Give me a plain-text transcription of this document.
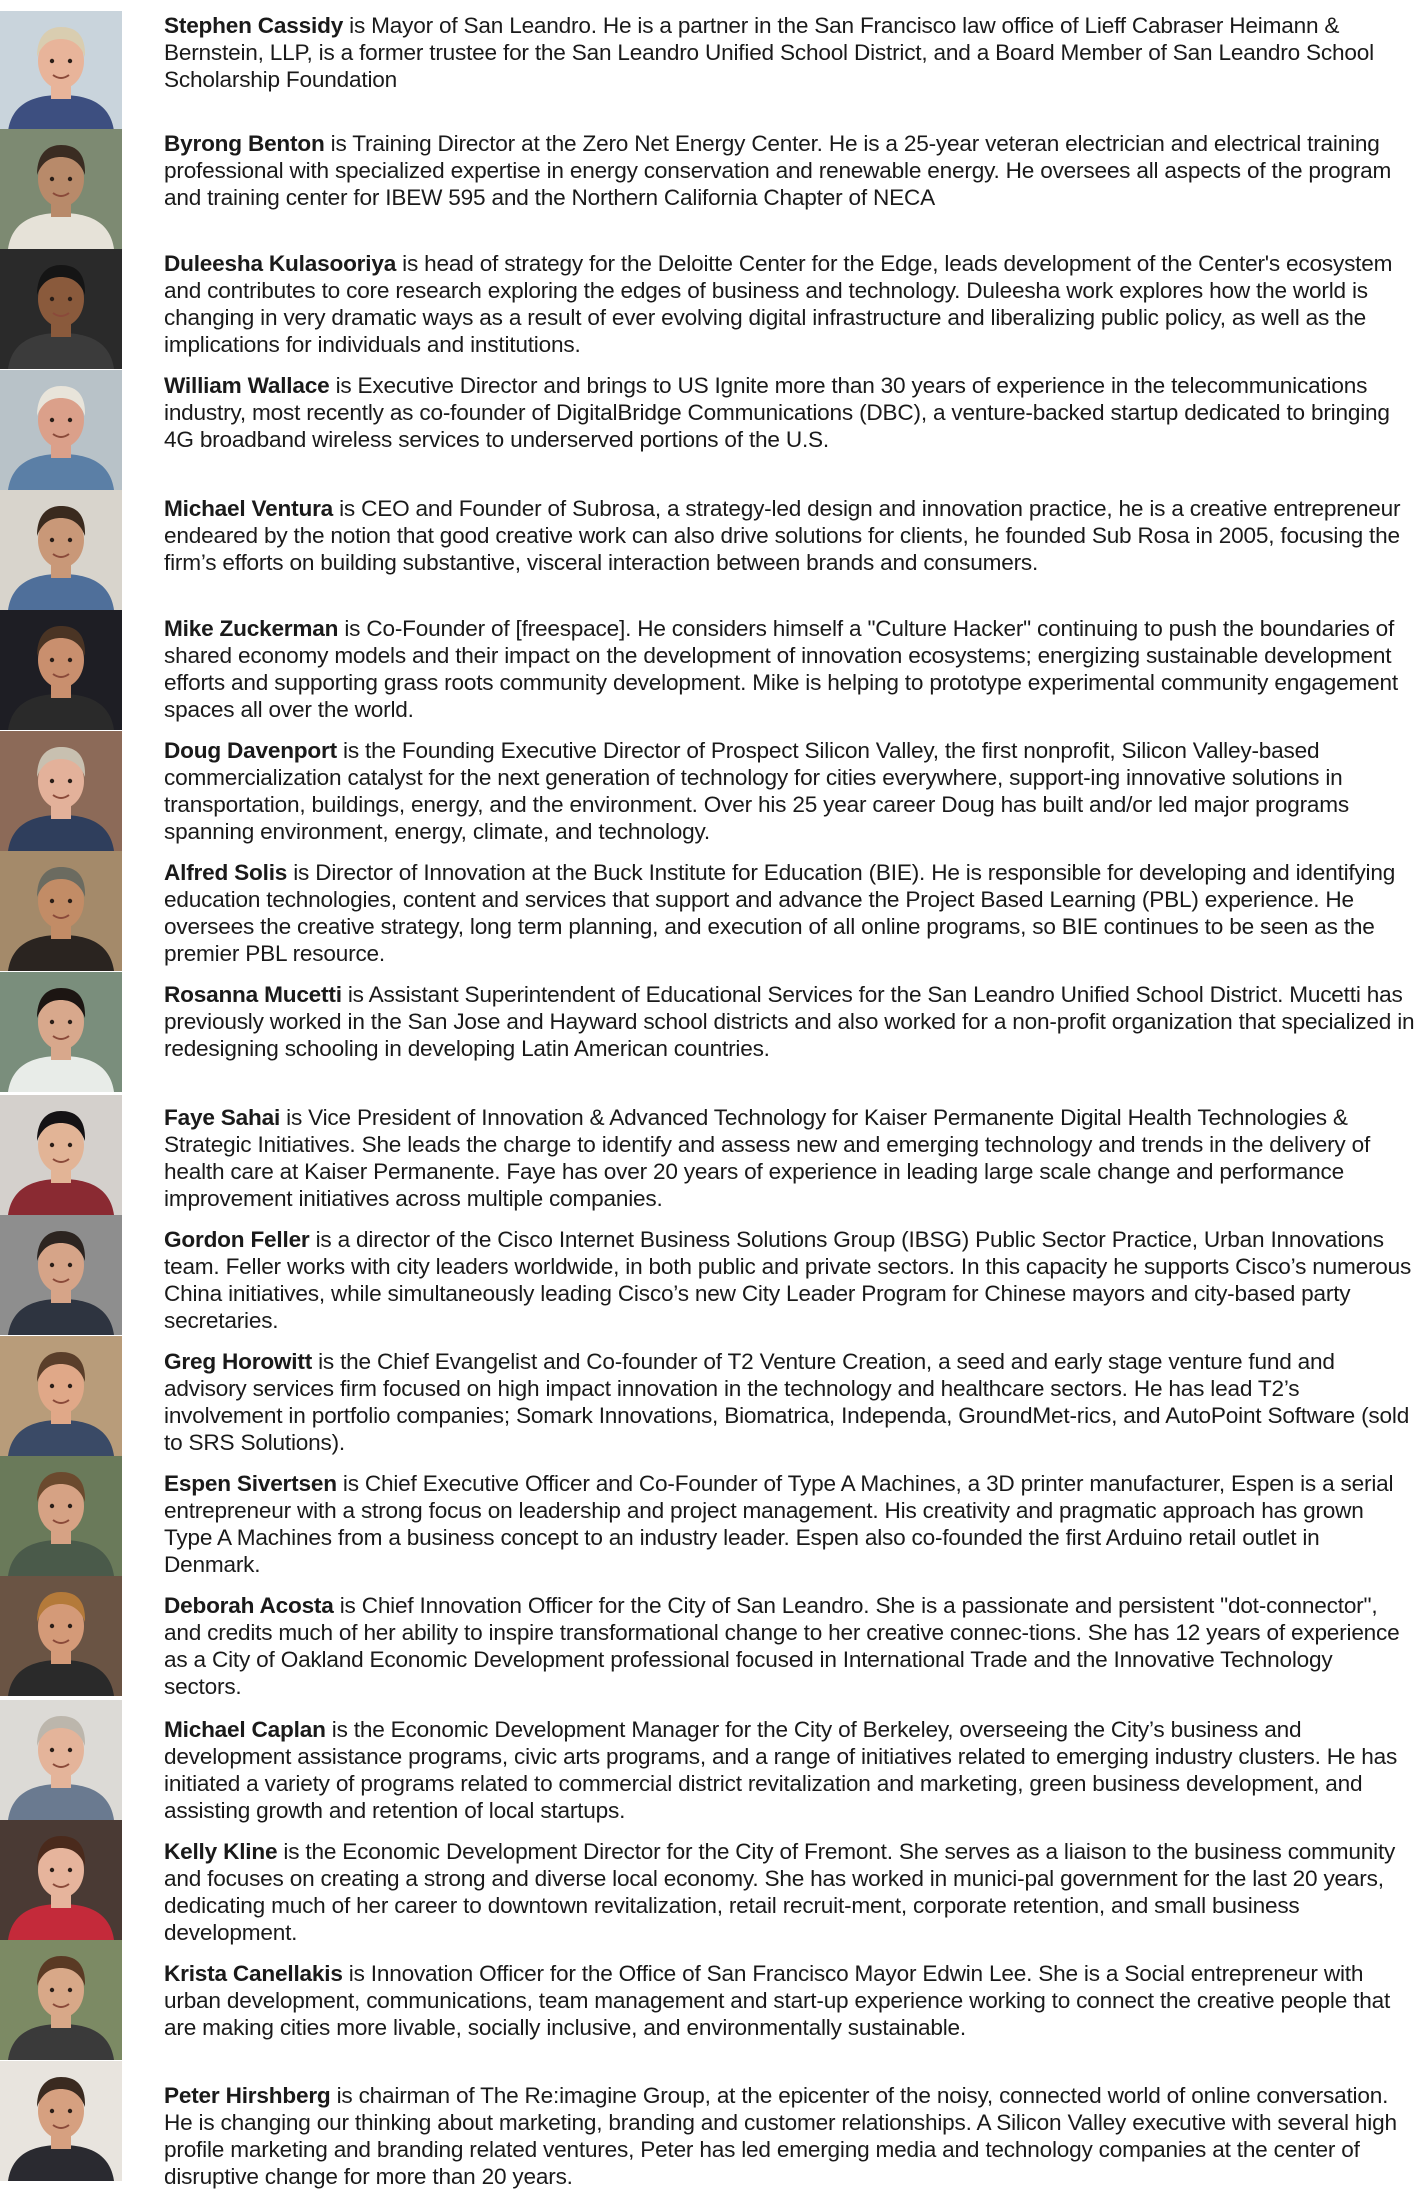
Stephen Cassidy is Mayor of San Leandro. He is a partner in the San Francisco law office of Lieff Cabraser Heimann & Bernstein, LLP, is a former trustee for the San Leandro Unified School District, and a Board Member of San Leandro School Scholarship Foundation
Byrong Benton is Training Director at the Zero Net Energy Center. He is a 25-year veteran electrician and electrical training professional with specialized expertise in energy conservation and renewable energy. He oversees all aspects of the program and training center for IBEW 595 and the Northern California Chapter of NECA
Duleesha Kulasooriya is head of strategy for the Deloitte Center for the Edge, leads development of the Center's ecosystem and contributes to core research exploring the edges of business and technology. Duleesha work explores how the world is changing in very dramatic ways as a result of ever evolving digital infrastructure and liberalizing public policy, as well as the implications for individuals and institutions.
William Wallace is Executive Director and brings to US Ignite more than 30 years of experience in the telecommunications industry, most recently as co-founder of DigitalBridge Communications (DBC), a venture-backed startup dedicated to bringing 4G broadband wireless services to underserved portions of the U.S.
Michael Ventura is CEO and Founder of Subrosa, a strategy-led design and innovation practice, he is a creative entrepreneur endeared by the notion that good creative work can also drive solutions for clients, he founded Sub Rosa in 2005, focusing the firm’s efforts on building substantive, visceral interaction between brands and consumers.
Mike Zuckerman is Co-Founder of [freespace]. He considers himself a "Culture Hacker" continuing to push the boundaries of shared economy models and their impact on the development of innovation ecosystems; energizing sustainable development efforts and supporting grass roots community development. Mike is helping to prototype experimental community engagement spaces all over the world.
Doug Davenport is the Founding Executive Director of Prospect Silicon Valley, the first nonprofit, Silicon Valley-based commercialization catalyst for the next generation of technology for cities everywhere, support-ing innovative solutions in transportation, buildings, energy, and the environment. Over his 25 year career Doug has built and/or led major programs spanning environment, energy, climate, and technology.
Alfred Solis is Director of Innovation at the Buck Institute for Education (BIE). He is responsible for developing and identifying education technologies, content and services that support and advance the Project Based Learning (PBL) experience. He oversees the creative strategy, long term planning, and execution of all online programs, so BIE continues to be seen as the premier PBL resource.
Rosanna Mucetti is Assistant Superintendent of Educational Services for the San Leandro Unified School District. Mucetti has previously worked in the San Jose and Hayward school districts and also worked for a non-profit organization that specialized in redesigning schooling in developing Latin American countries.
Faye Sahai is Vice President of Innovation & Advanced Technology for Kaiser Permanente Digital Health Technologies & Strategic Initiatives. She leads the charge to identify and assess new and emerging technology and trends in the delivery of health care at Kaiser Permanente. Faye has over 20 years of experience in leading large scale change and performance improvement initiatives across multiple companies.
Gordon Feller is a director of the Cisco Internet Business Solutions Group (IBSG) Public Sector Practice, Urban Innovations team. Feller works with city leaders worldwide, in both public and private sectors. In this capacity he supports Cisco’s numerous China initiatives, while simultaneously leading Cisco’s new City Leader Program for Chinese mayors and city-based party secretaries.
Greg Horowitt is the Chief Evangelist and Co-founder of T2 Venture Creation, a seed and early stage venture fund and advisory services firm focused on high impact innovation in the technology and healthcare sectors. He has lead T2’s involvement in portfolio companies; Somark Innovations, Biomatrica, Independa, GroundMet-rics, and AutoPoint Software (sold to SRS Solutions).
Espen Sivertsen is Chief Executive Officer and Co-Founder of Type A Machines, a 3D printer manufacturer, Espen is a serial entrepreneur with a strong focus on leadership and project management. His creativity and pragmatic approach has grown Type A Machines from a business concept to an industry leader. Espen also co-founded the first Arduino retail outlet in Denmark.
Deborah Acosta is Chief Innovation Officer for the City of San Leandro. She is a passionate and persistent "dot-connector", and credits much of her ability to inspire transformational change to her creative connec-tions. She has 12 years of experience as a City of Oakland Economic Development professional focused in International Trade and the Innovative Technology sectors.
Michael Caplan is the Economic Development Manager for the City of Berkeley, overseeing the City’s business and development assistance programs, civic arts programs, and a range of initiatives related to emerging industry clusters. He has initiated a variety of programs related to commercial district revitalization and marketing, green business development, and assisting growth and retention of local startups.
Kelly Kline is the Economic Development Director for the City of Fremont. She serves as a liaison to the business community and focuses on creating a strong and diverse local economy. She has worked in munici-pal government for the last 20 years, dedicating much of her career to downtown revitalization, retail recruit-ment, corporate retention, and small business development.
Krista Canellakis is Innovation Officer for the Office of San Francisco Mayor Edwin Lee. She is a Social entrepreneur with urban development, communications, team management and start-up experience working to connect the creative people that are making cities more livable, socially inclusive, and environmentally sustainable.
Peter Hirshberg is chairman of The Re:imagine Group, at the epicenter of the noisy, connected world of online conversation. He is changing our thinking about marketing, branding and customer relationships. A Silicon Valley executive with several high profile marketing and branding related ventures, Peter has led emerging media and technology companies at the center of disruptive change for more than 20 years.
